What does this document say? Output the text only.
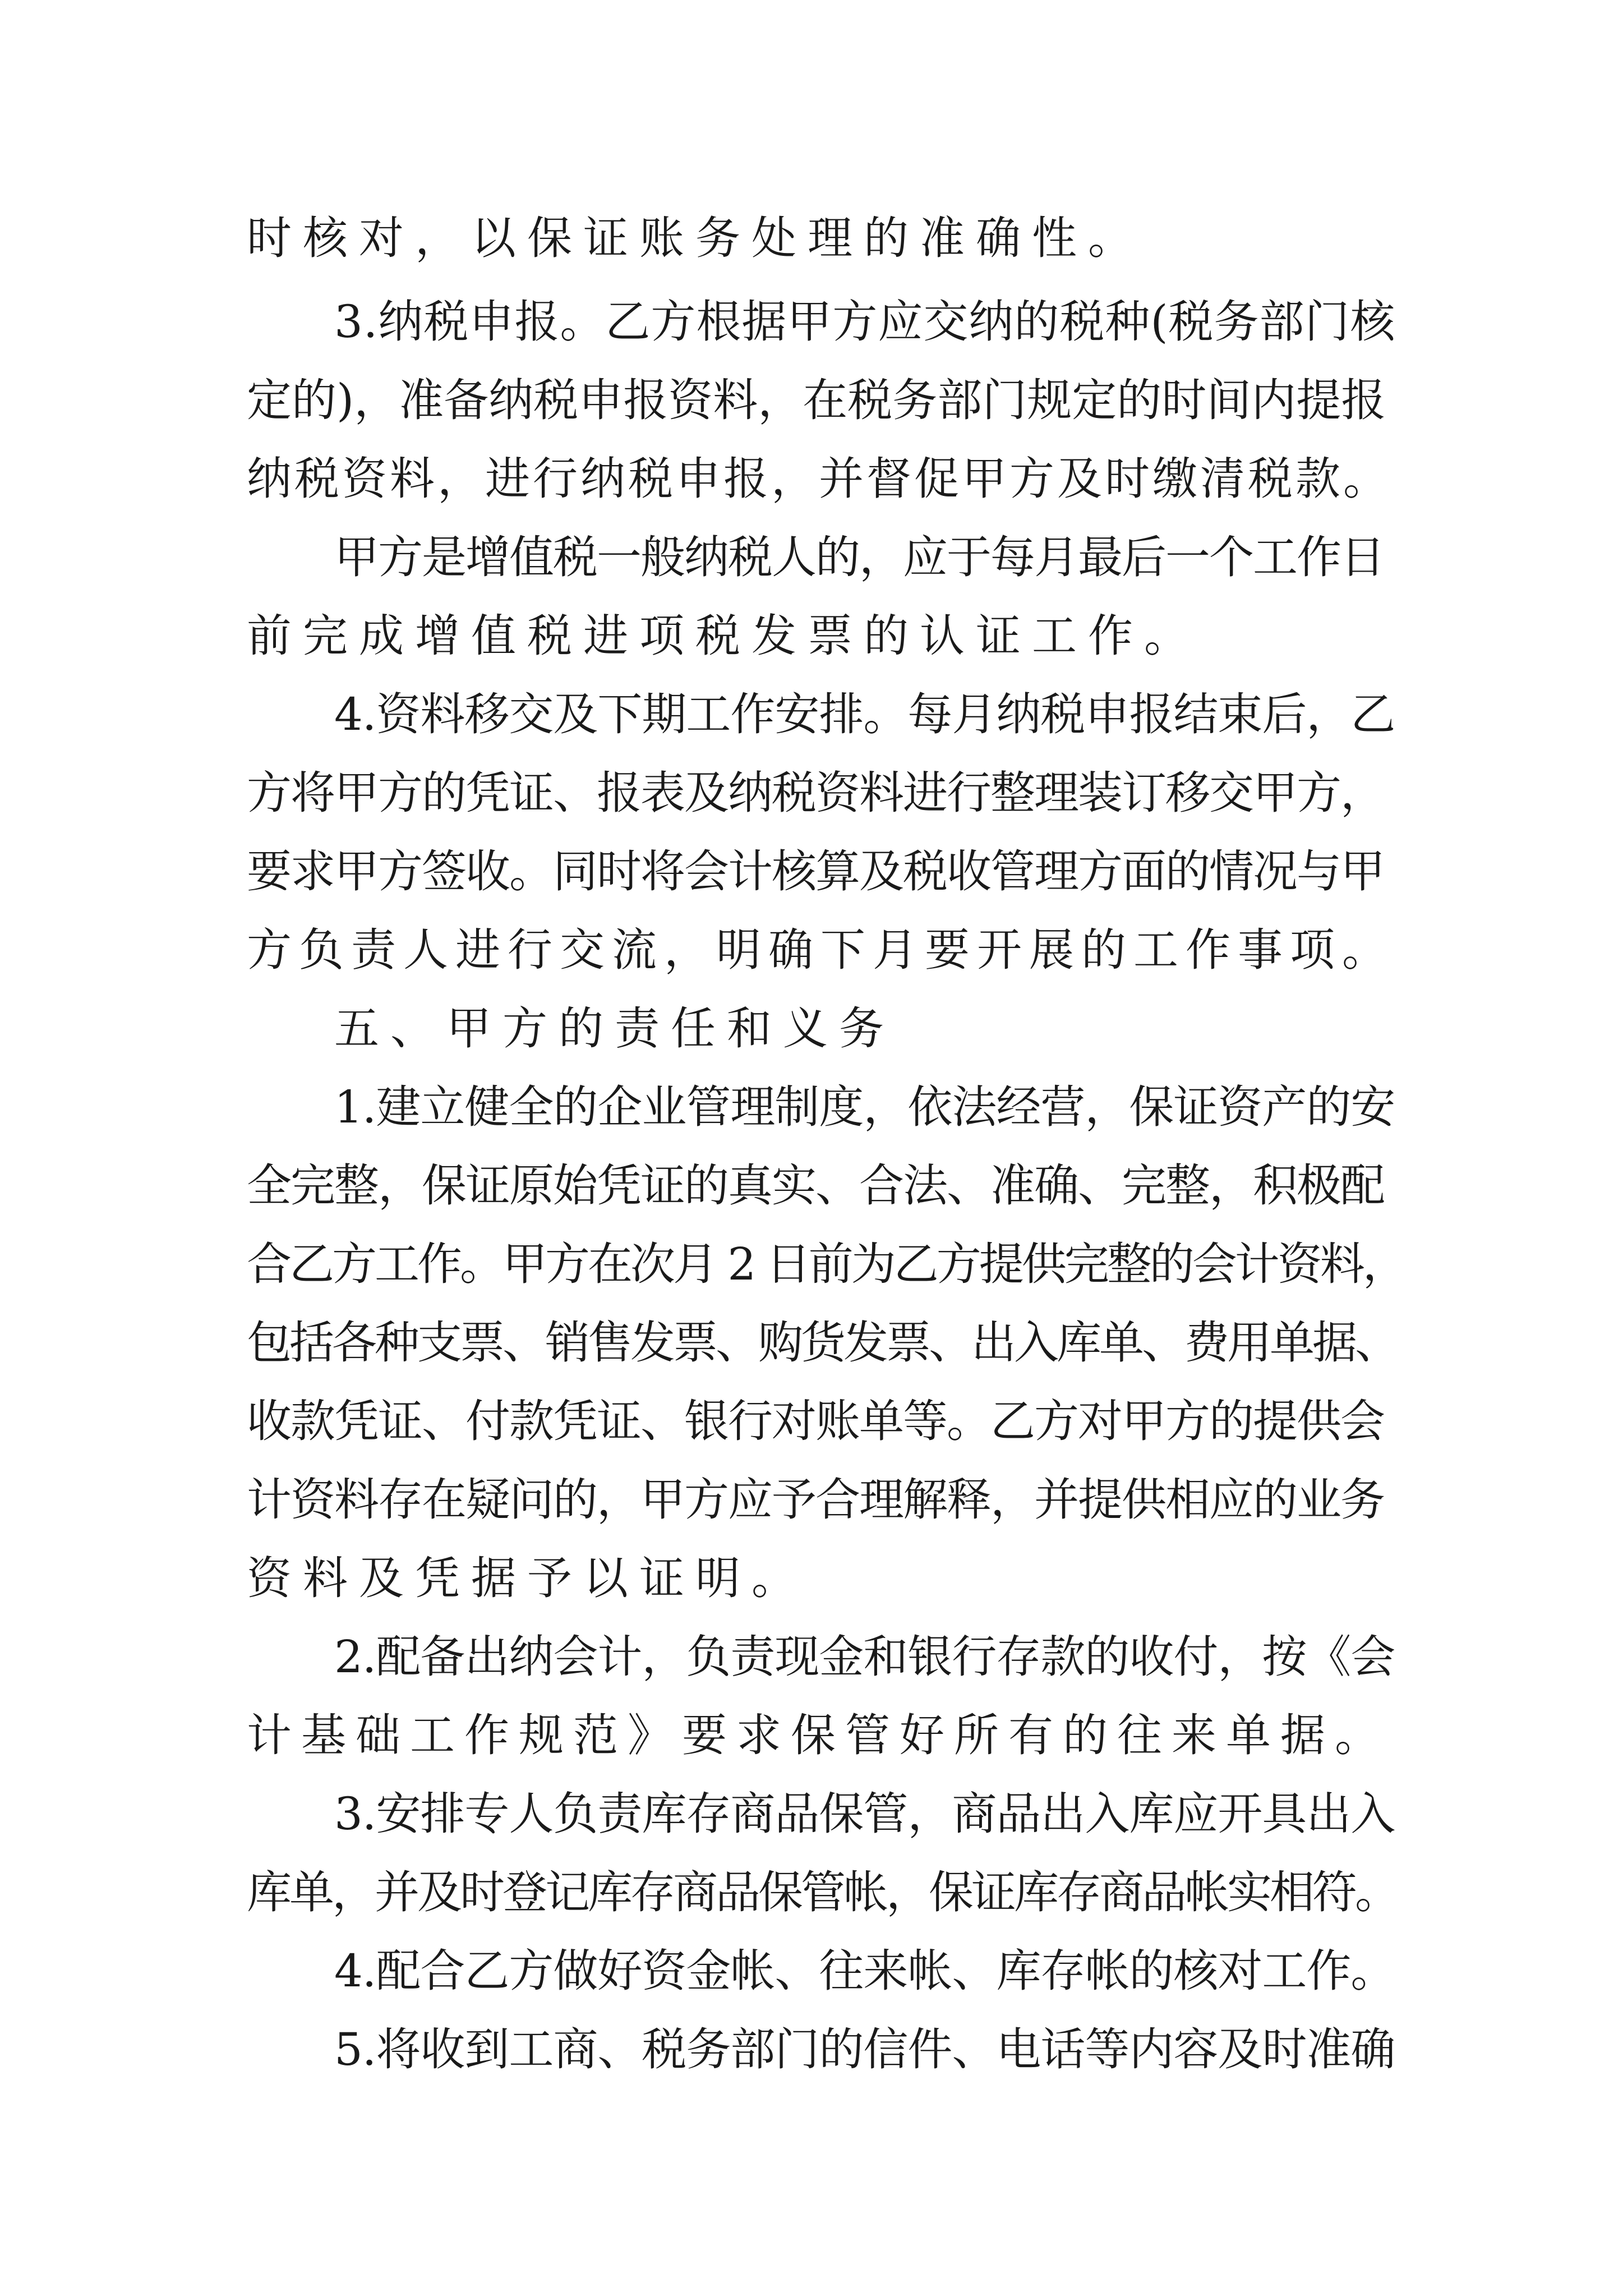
时核对，以保证账务处理的准确性。
3.纳税申报。乙方根据甲方应交纳的税种(税务部门核
定的)，准备纳税申报资料，在税务部门规定的时间内提报
纳税资料，进行纳税申报，并督促甲方及时缴清税款。
甲方是增值税一般纳税人的，应于每月最后一个工作日
前完成增值税进项税发票的认证工作。
4.资料移交及下期工作安排。每月纳税申报结束后，乙
方将甲方的凭证、报表及纳税资料进行整理装订移交甲方，
要求甲方签收。同时将会计核算及税收管理方面的情况与甲
方负责人进行交流，明确下月要开展的工作事项。
五、甲方的责任和义务
1.建立健全的企业管理制度，依法经营，保证资产的安
全完整，保证原始凭证的真实、合法、准确、完整，积极配
合乙方工作。甲方在次月 2 日前为乙方提供完整的会计资料，
包括各种支票、销售发票、购货发票、出入库单、费用单据、
收款凭证、付款凭证、银行对账单等。乙方对甲方的提供会
计资料存在疑问的，甲方应予合理解释，并提供相应的业务
资料及凭据予以证明。
2.配备出纳会计，负责现金和银行存款的收付，按《会
计基础工作规范》要求保管好所有的往来单据。
3.安排专人负责库存商品保管，商品出入库应开具出入
库单，并及时登记库存商品保管帐，保证库存商品帐实相符。
4.配合乙方做好资金帐、往来帐、库存帐的核对工作。
5.将收到工商、税务部门的信件、电话等内容及时准确
